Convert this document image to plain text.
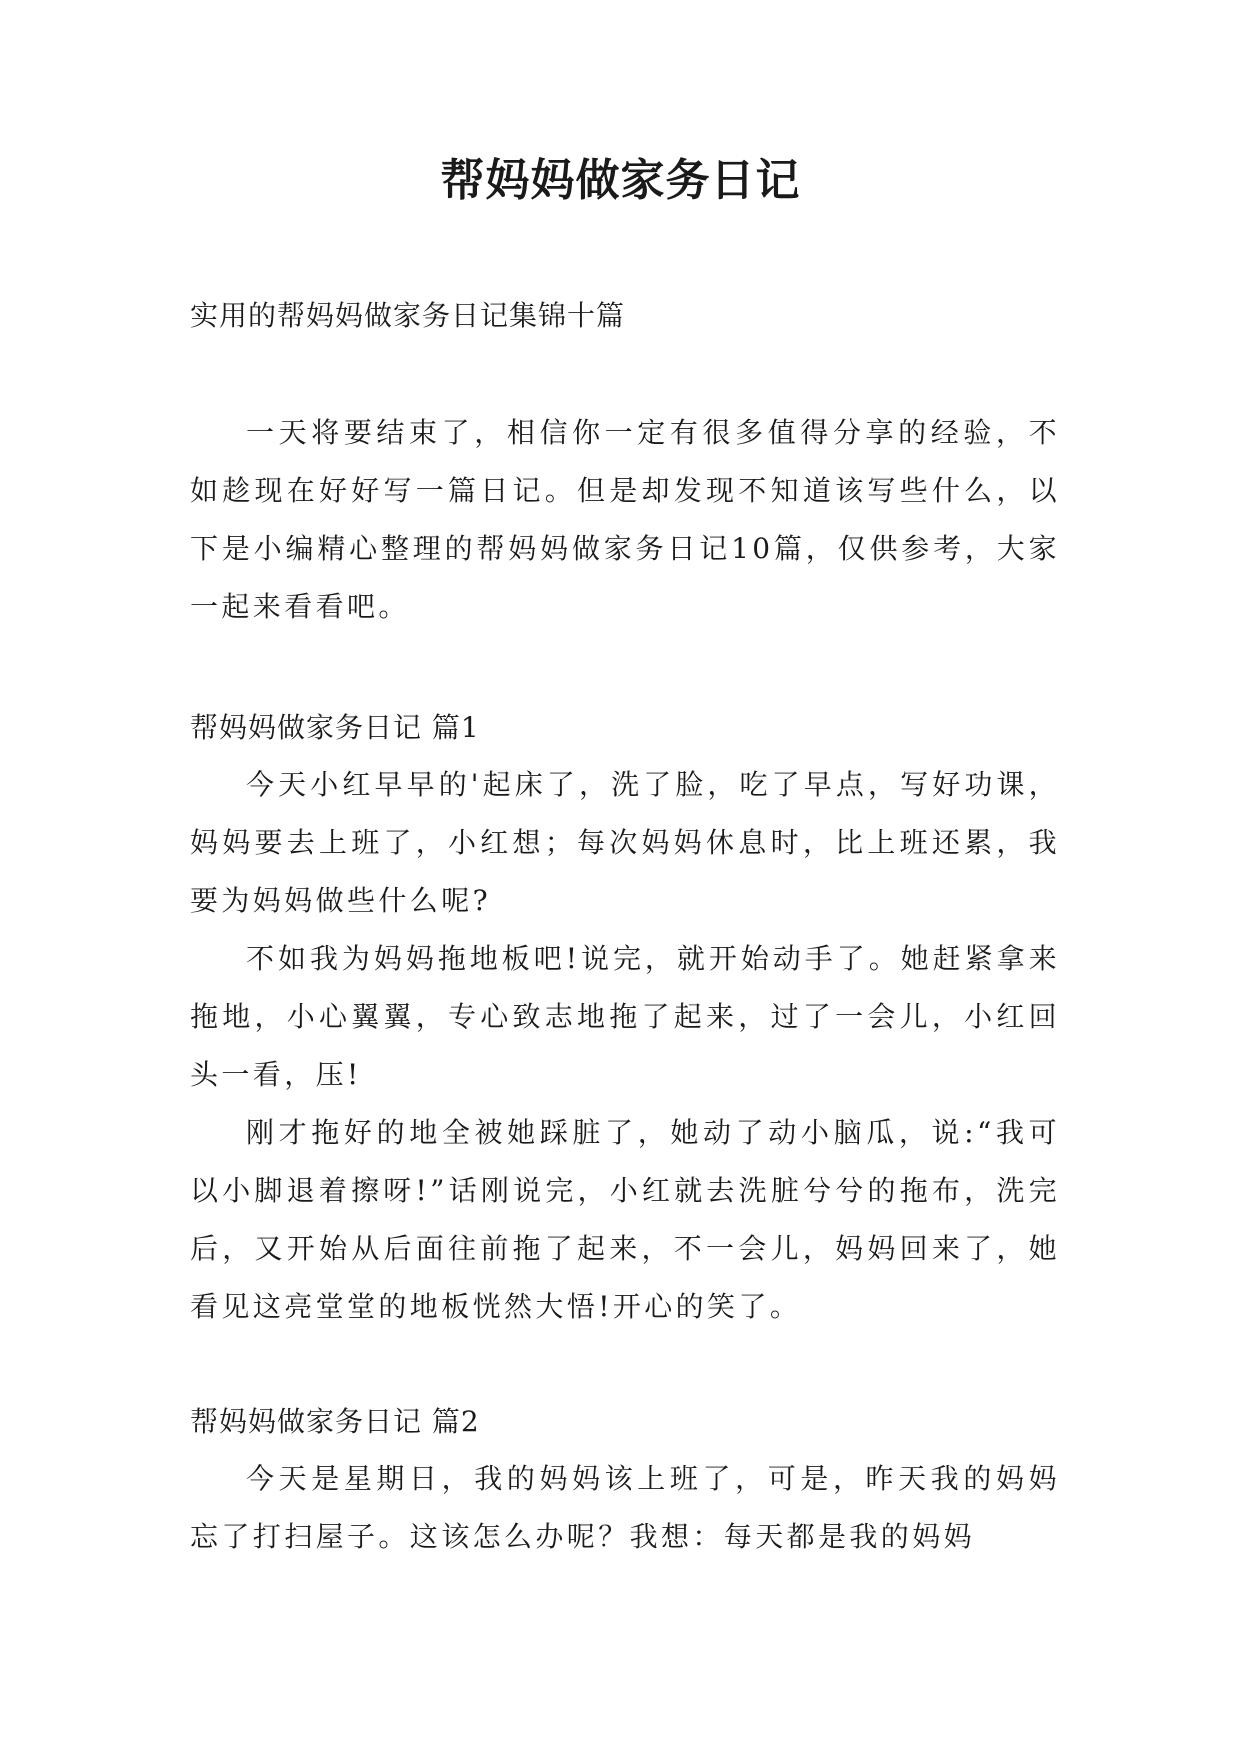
帮妈妈做家务日记
实用的帮妈妈做家务日记集锦十篇

一天将要结束了，相信你一定有很多值得分享的经验，不如趁现在好好写一篇日记。但是却发现不知道该写些什么，以下是小编精心整理的帮妈妈做家务日记10篇，仅供参考，大家一起来看看吧。

帮妈妈做家务日记 篇1

今天小红早早的'起床了，洗了脸，吃了早点，写好功课，妈妈要去上班了，小红想；每次妈妈休息时，比上班还累，我要为妈妈做些什么呢?

不如我为妈妈拖地板吧!说完，就开始动手了。她赶紧拿来拖地，小心翼翼，专心致志地拖了起来，过了一会儿，小红回头一看，压!

刚才拖好的地全被她踩脏了，她动了动小脑瓜，说:“我可以小脚退着擦呀!”话刚说完，小红就去洗脏兮兮的拖布，洗完后，又开始从后面往前拖了起来，不一会儿，妈妈回来了，她看见这亮堂堂的地板恍然大悟!开心的笑了。

帮妈妈做家务日记 篇2

今天是星期日，我的妈妈该上班了，可是，昨天我的妈妈忘了打扫屋子。这该怎么办呢？我想：每天都是我的妈妈
